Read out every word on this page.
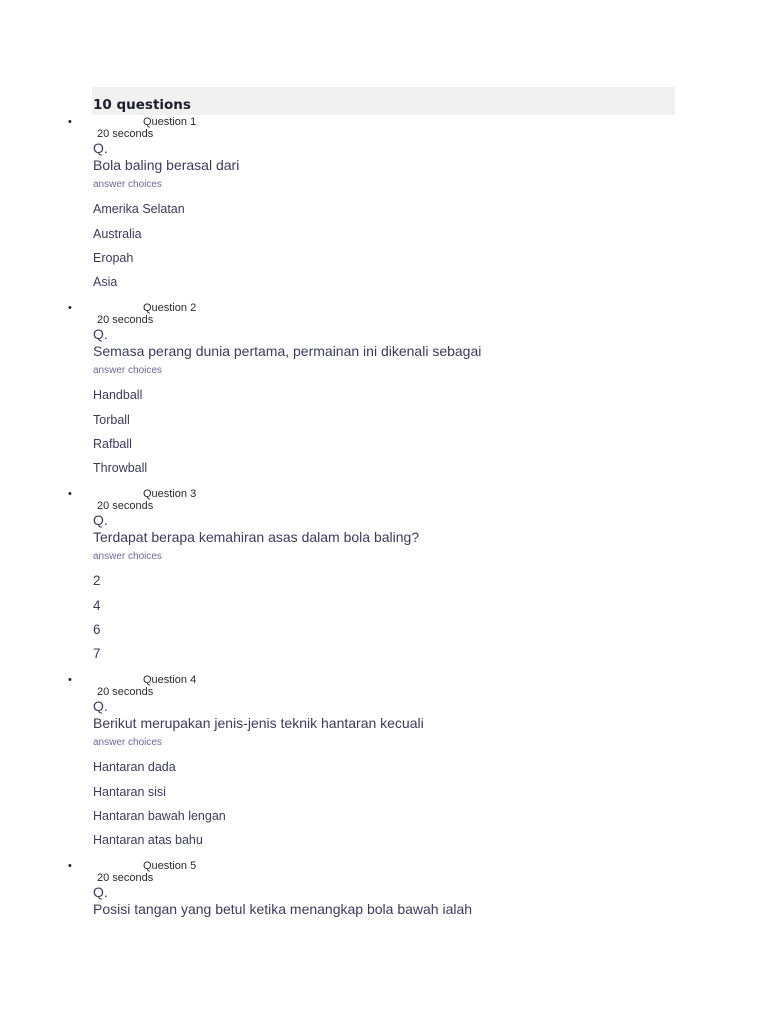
10 questions
•	Question 1
20 seconds
Q.
Bola baling berasal dari
answer choices
Amerika Selatan
Australia
Eropah
Asia
•	Question 2
20 seconds
Q.
Semasa perang dunia pertama, permainan ini dikenali sebagai
answer choices
Handball
Torball
Rafball
Throwball
•	Question 3
20 seconds
Q.
Terdapat berapa kemahiran asas dalam bola baling?
answer choices
2
4
6
7
•	Question 4
20 seconds
Q.
Berikut merupakan jenis-jenis teknik hantaran kecuali
answer choices
Hantaran dada
Hantaran sisi
Hantaran bawah lengan
Hantaran atas bahu
•	Question 5
20 seconds
Q.
Posisi tangan yang betul ketika menangkap bola bawah ialah
